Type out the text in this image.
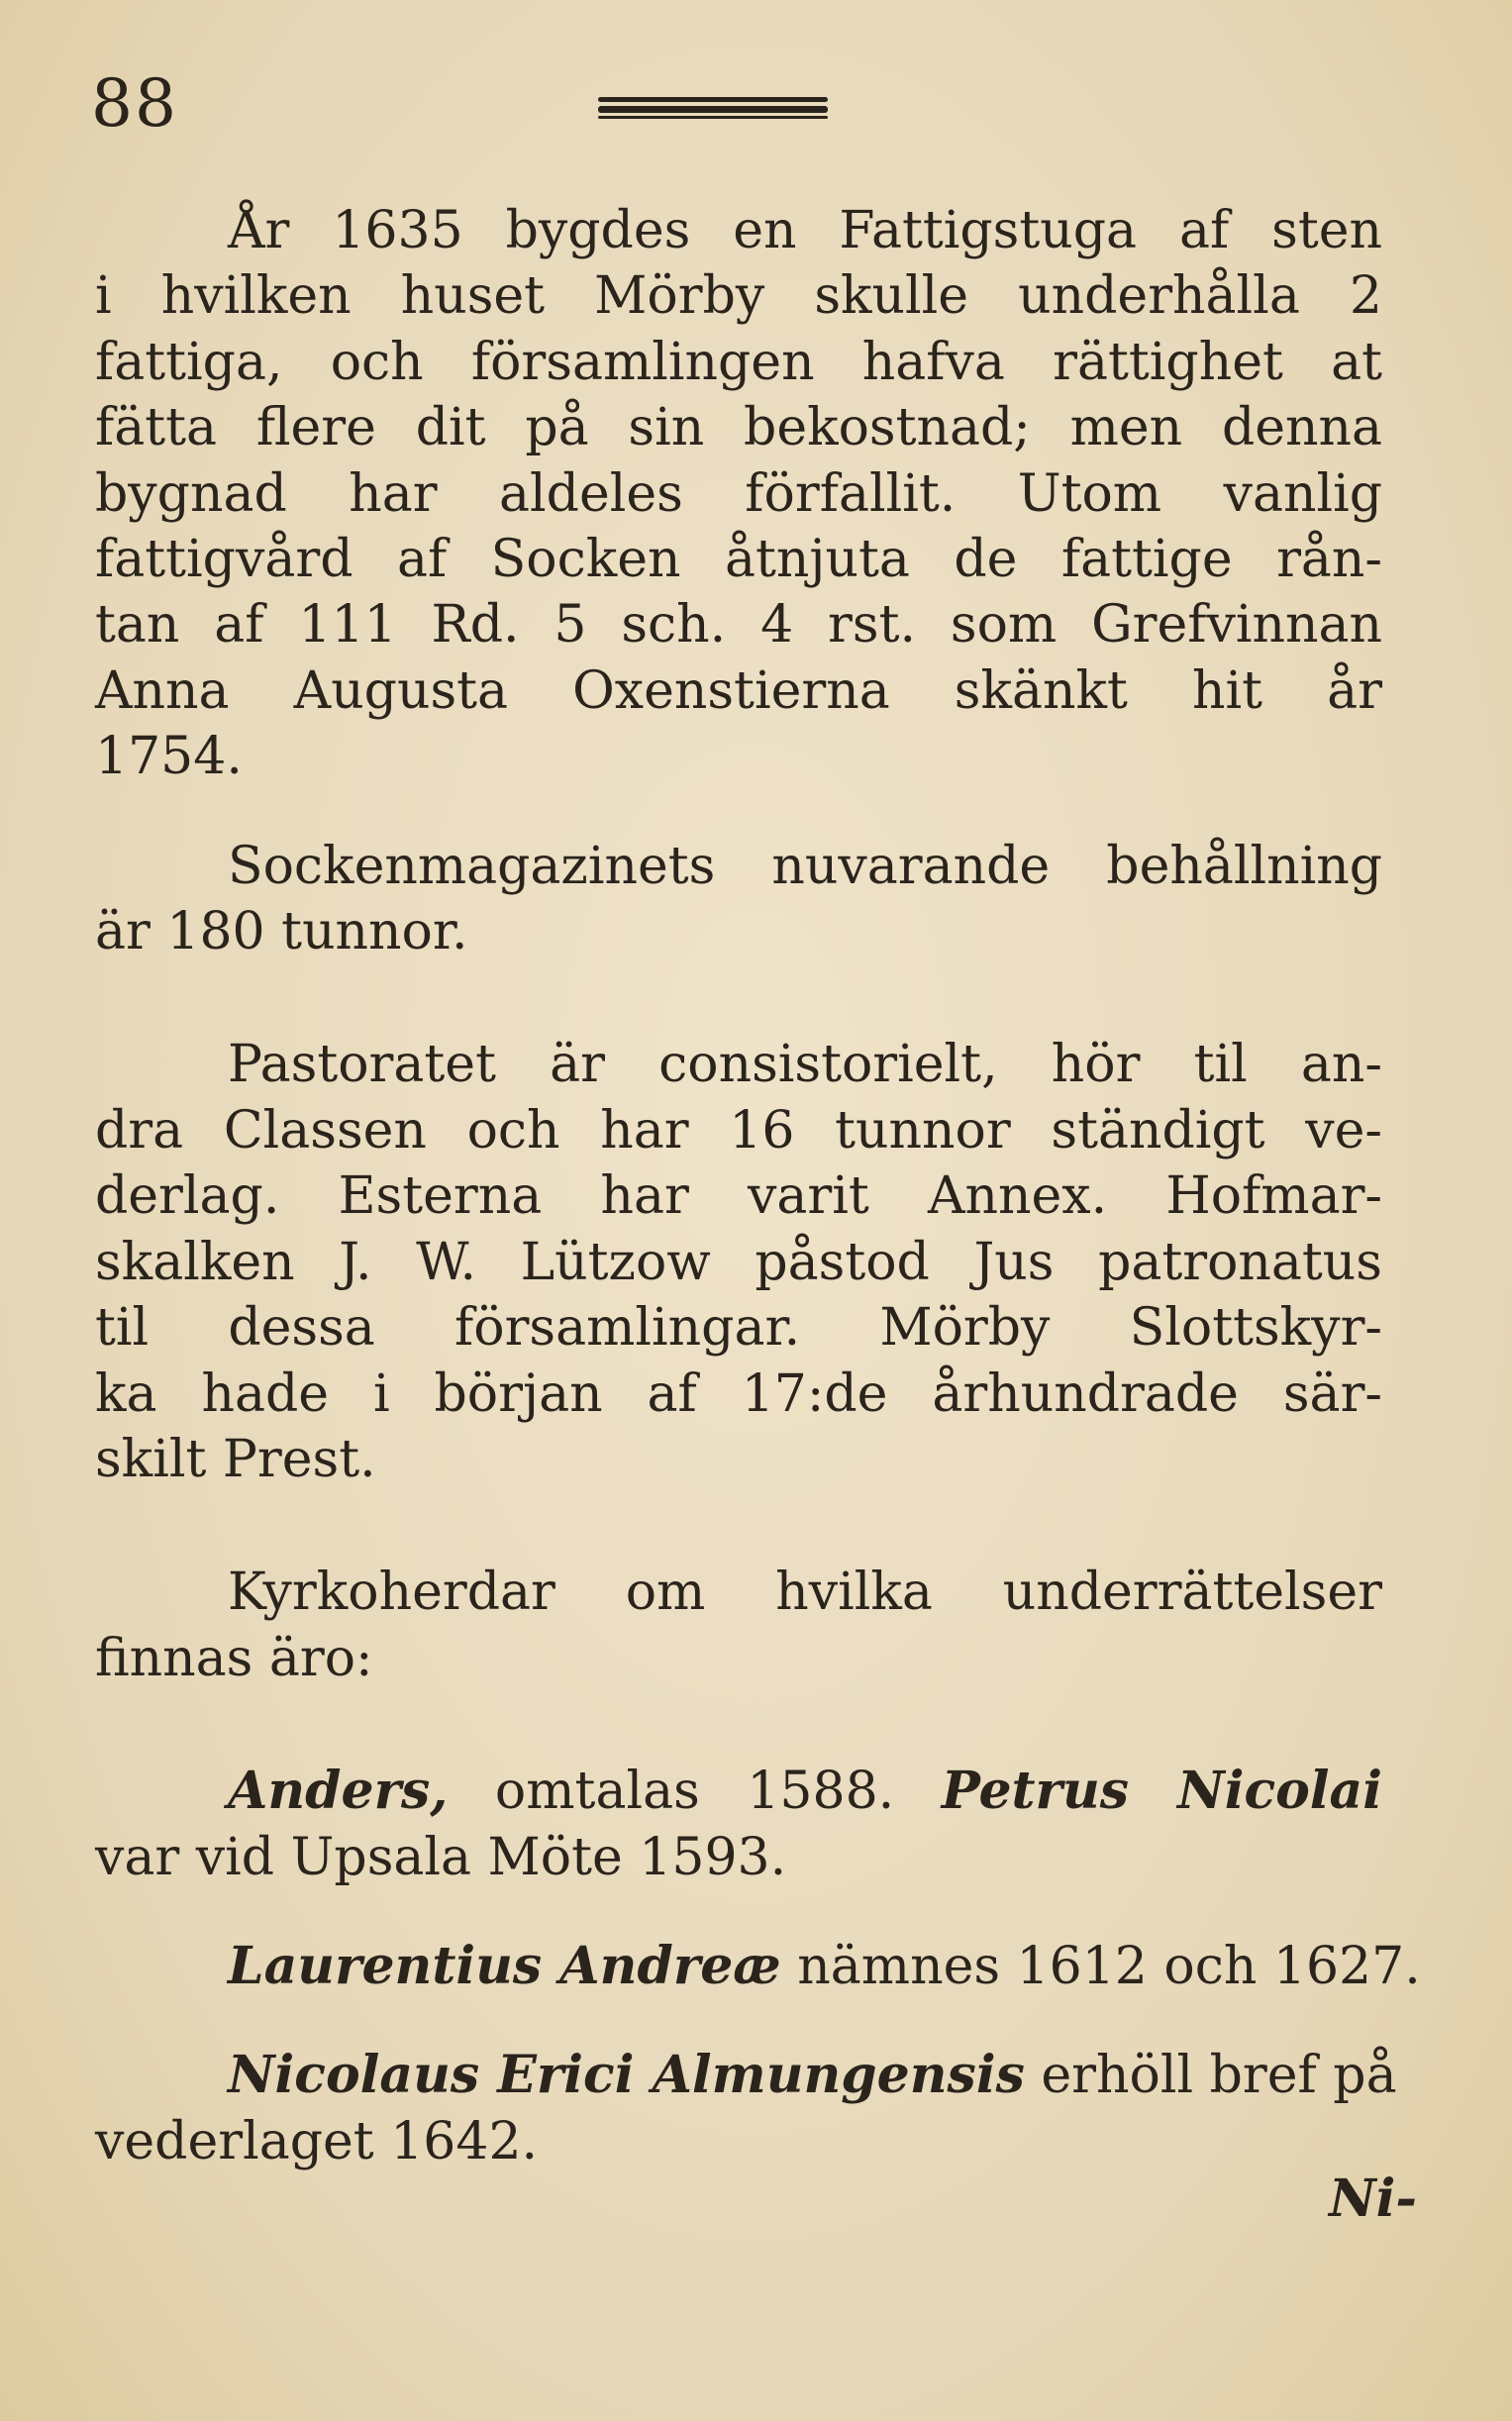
88
År 1635 bygdes en Fattigstuga af sten
i hvilken huset Mörby skulle underhålla 2
fattiga, och församlingen hafva rättighet at
fätta flere dit på sin bekostnad; men denna
bygnad har aldeles förfallit. Utom vanlig
fattigvård af Socken åtnjuta de fattige rån-
tan af 111 Rd. 5 sch. 4 rst. som Grefvinnan
Anna Augusta Oxenstierna skänkt hit år
1754.
Sockenmagazinets nuvarande behållning
är 180 tunnor.
Pastoratet är consistorielt, hör til an-
dra Classen och har 16 tunnor ständigt ve-
derlag. Esterna har varit Annex. Hofmar-
skalken J. W. Lützow påstod Jus patronatus
til dessa församlingar. Mörby Slottskyr-
ka hade i början af 17:de århundrade sär-
skilt Prest.
Kyrkoherdar om hvilka underrättelser
finnas äro:
Anders, omtalas 1588. Petrus Nicolai
var vid Upsala Möte 1593.
Laurentius Andreæ nämnes 1612 och 1627.
Nicolaus Erici Almungensis erhöll bref på
vederlaget 1642.
Ni-
